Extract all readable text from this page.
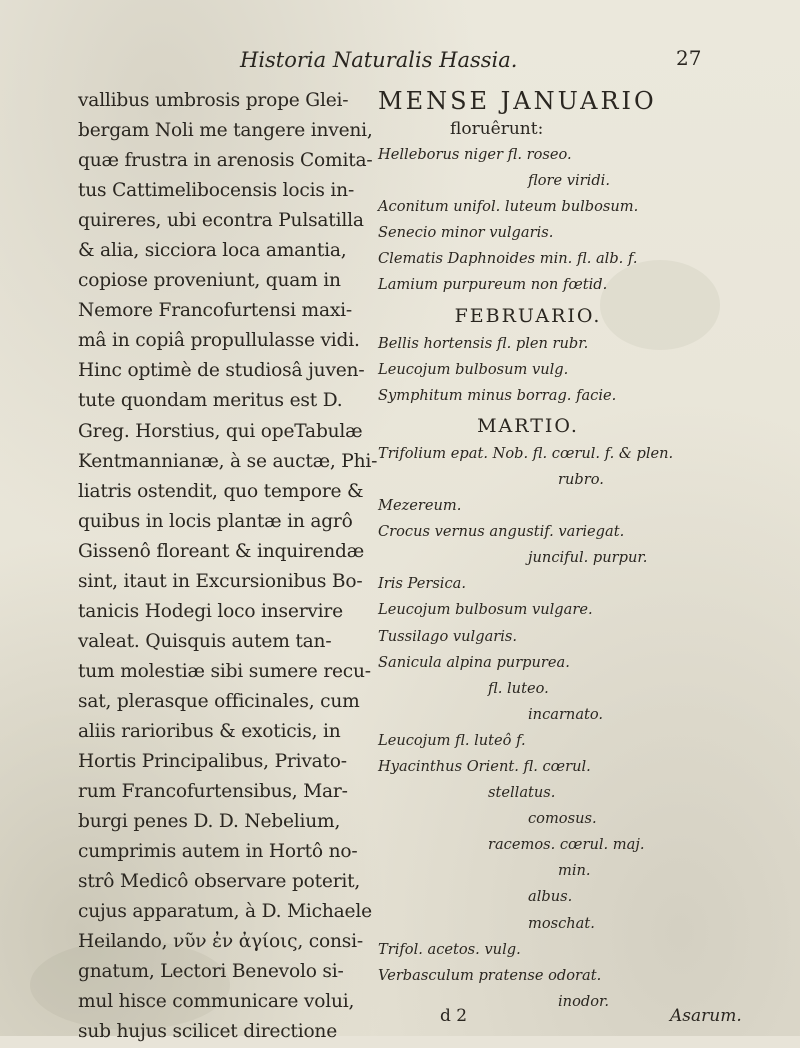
Historia Naturalis Hassia.	27
vallibus umbrosis prope Glei-
bergam Noli me tangere inveni,
quæ frustra in arenosis Comita-
tus Cattimelibocensis locis in-
quireres, ubi econtra Pulsatilla
& alia, sicciora loca amantia,
copiose proveniunt, quam in
Nemore Francofurtensi maxi-
mâ in copiâ propullulasse vidi.
Hinc optimè de studiosâ juven-
tute quondam meritus est D.
Greg. Horstius, qui opeTabulæ
Kentmannianæ, à se auctæ, Phi-
liatris ostendit, quo tempore &
quibus in locis plantæ in agrô
Gissenô floreant & inquirendæ
sint, itaut in Excursionibus Bo-
tanicis Hodegi loco inservire
valeat. Quisquis autem tan-
tum molestiæ sibi sumere recu-
sat, plerasque officinales, cum
aliis rarioribus & exoticis, in
Hortis Principalibus, Privato-
rum Francofurtensibus, Mar-
burgi penes D. D. Nebelium,
cumprimis autem in Hortô no-
strô Medicô observare poterit,
cujus apparatum, à D. Michaele
Heilando, νῦν ἐν ἀγίοις, consi-
gnatum, Lectori Benevolo si-
mul hisce communicare volui,
sub hujus scilicet directione
MENSE JANUARIO
floruêrunt:
Helleborus niger fl. roseo.
flore viridi.
Aconitum unifol. luteum bulbosum.
Senecio minor vulgaris.
Clematis Daphnoides min. fl. alb. f.
Lamium purpureum non fœtid.
FEBRUARIO.
Bellis hortensis fl. plen rubr.
Leucojum bulbosum vulg.
Symphitum minus borrag. facie.
MARTIO.
Trifolium epat. Nob. fl. cœrul. f. & plen.
rubro.
Mezereum.
Crocus vernus angustif. variegat.
junciful. purpur.
Iris Persica.
Leucojum bulbosum vulgare.
Tussilago vulgaris.
Sanicula alpina purpurea.
fl. luteo.
incarnato.
Leucojum fl. luteô f.
Hyacinthus Orient. fl. cœrul.
stellatus.
comosus.
racemos. cœrul. maj.
min.
albus.
moschat.
Trifol. acetos. vulg.
Verbasculum pratense odorat.
inodor.
d 2	Asarum.
